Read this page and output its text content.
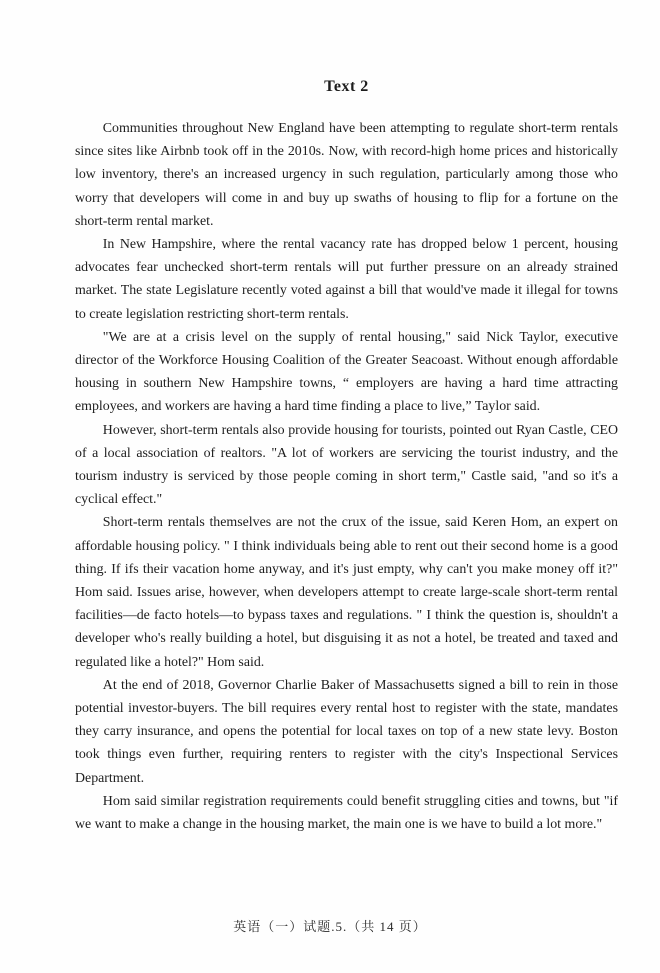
Text 2

Communities throughout New England have been attempting to regulate short-term rentals since sites like Airbnb took off in the 2010s. Now, with record-high home prices and historically low inventory, there's an increased urgency in such regulation, particularly among those who worry that developers will come in and buy up swaths of housing to flip for a fortune on the short-term rental market.

In New Hampshire, where the rental vacancy rate has dropped below 1 percent, housing advocates fear unchecked short-term rentals will put further pressure on an already strained market. The state Legislature recently voted against a bill that would've made it illegal for towns to create legislation restricting short-term rentals.

"We are at a crisis level on the supply of rental housing," said Nick Taylor, executive director of the Workforce Housing Coalition of the Greater Seacoast. Without enough affordable housing in southern New Hampshire towns, “ employers are having a hard time attracting employees, and workers are having a hard time finding a place to live,” Taylor said.

However, short-term rentals also provide housing for tourists, pointed out Ryan Castle, CEO of a local association of realtors. "A lot of workers are servicing the tourist industry, and the tourism industry is serviced by those people coming in short term," Castle said, "and so it's a cyclical effect."

Short-term rentals themselves are not the crux of the issue, said Keren Hom, an expert on affordable housing policy. " I think individuals being able to rent out their second home is a good thing. If ifs their vacation home anyway, and it's just empty, why can't you make money off it?" Hom said. Issues arise, however, when developers attempt to create large-scale short-term rental facilities—de facto hotels—to bypass taxes and regulations. " I think the question is, shouldn't a developer who's really building a hotel, but disguising it as not a hotel, be treated and taxed and regulated like a hotel?" Hom said.

At the end of 2018, Governor Charlie Baker of Massachusetts signed a bill to rein in those potential investor-buyers. The bill requires every rental host to register with the state, mandates they carry insurance, and opens the potential for local taxes on top of a new state levy. Boston took things even further, requiring renters to register with the city's Inspectional Services Department.

Hom said similar registration requirements could benefit struggling cities and towns, but "if we want to make a change in the housing market, the main one is we have to build a lot more."

英语（一）试题.5.（共 14 页）
